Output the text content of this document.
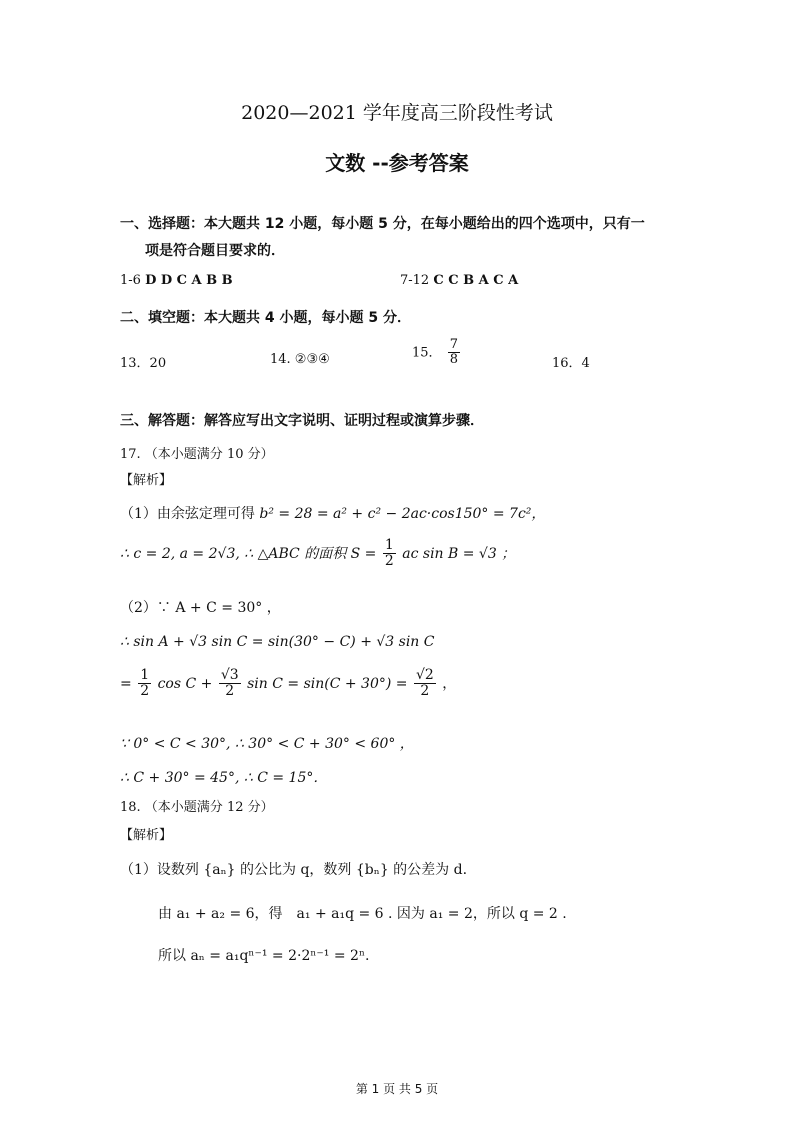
2020—2021 学年度高三阶段性考试
文数 --参考答案
一、选择题：本大题共 12 小题，每小题 5 分，在每小题给出的四个选项中，只有一
项是符合题目要求的．
1-6 D D C A B B	7-12 C C B A C A
二、填空题：本大题共 4 小题，每小题 5 分．
13．20	14. ②③④	15． $\frac{7}{8}$	16．4
三、解答题：解答应写出文字说明、证明过程或演算步骤．
17. （本小题满分 10 分）
【解析】
（1）由余弦定理可得 b² = 28 = a² + c² − 2ac·cos150° = 7c²，
∴ c = 2, a = 2√3, ∴ △ABC 的面积 $S = \frac{1}{2}$ ac sin B = √3 ；
（2）∵ A + C = 30° ，
∴ sin A + √3 sin C = sin(30° − C) + √3 sin C
= $\frac{1}{2}$ $\cos C + \frac{√3}{2}$ $\sin C = \sin(C + 30^\circ) = \frac{√2}{2}$ ，
∵ 0° < C < 30°, ∴ 30° < C + 30° < 60° ，
∴ C + 30° = 45°, ∴ C = 15°．
18. （本小题满分 12 分）
【解析】
（1）设数列 {aₙ} 的公比为 q，数列 {bₙ} 的公差为 d.
由 a₁ + a₂ = 6，得　a₁ + a₁q = 6 . 因为 a₁ = 2，所以 q = 2 .
所以 aₙ = a₁qⁿ⁻¹ = 2·2ⁿ⁻¹ = 2ⁿ.
第 1 页 共 5 页
